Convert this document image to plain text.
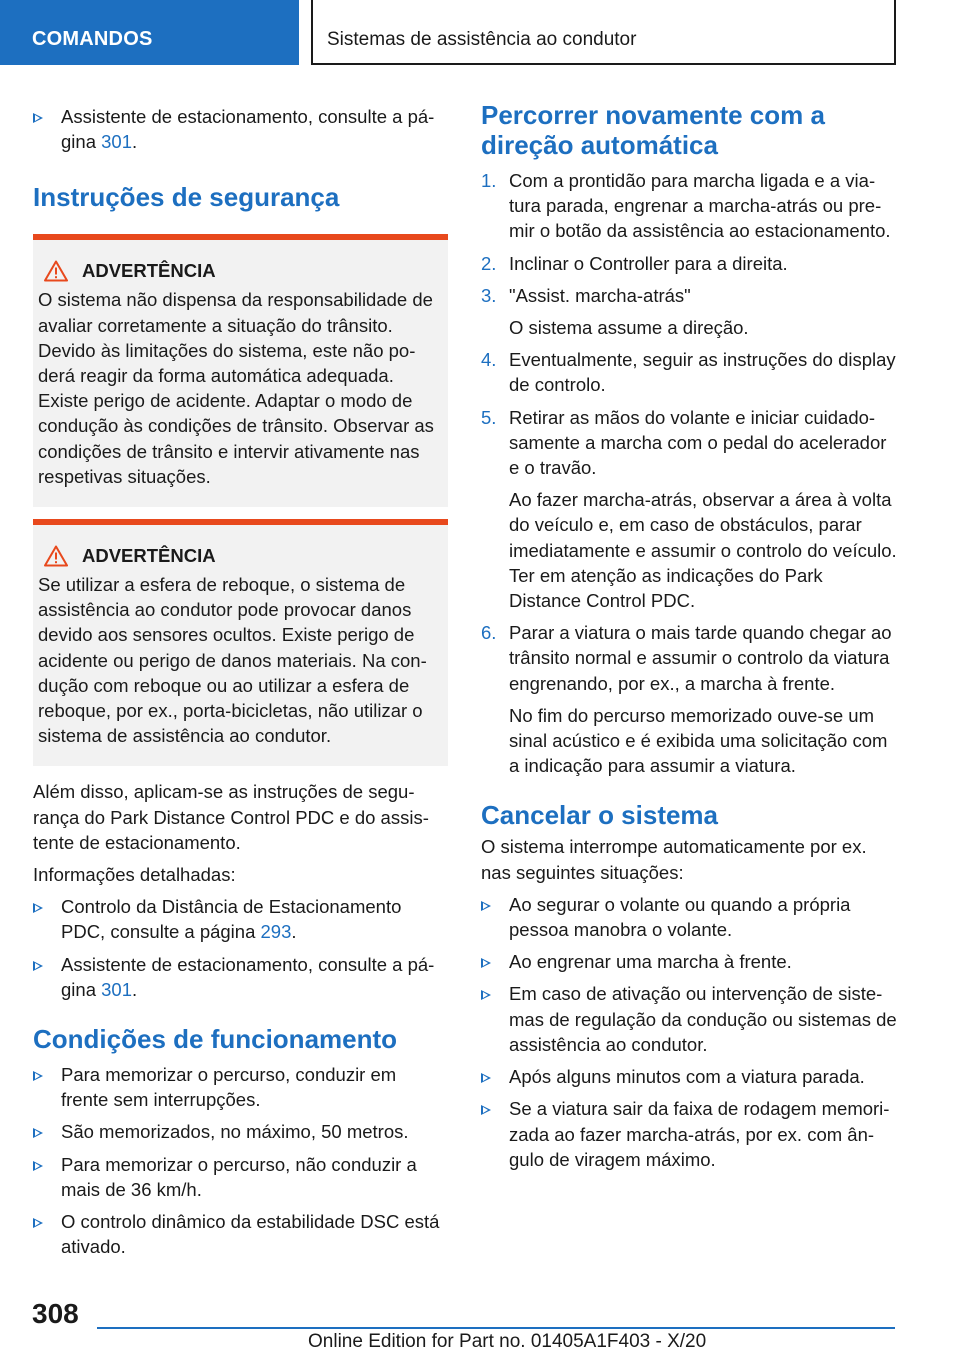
COMANDOS	Sistemas de assistência ao condutor
Assistente de estacionamento, consulte a página 301.
Instruções de segurança
ADVERTÊNCIA
O sistema não dispensa da responsabilidade de avaliar corretamente a situação do trânsito. Devido às limitações do sistema, este não poderá reagir da forma automática adequada. Existe perigo de acidente. Adaptar o modo de condução às condições de trânsito. Observar as condições de trânsito e intervir ativamente nas respetivas situações.
ADVERTÊNCIA
Se utilizar a esfera de reboque, o sistema de assistência ao condutor pode provocar danos devido aos sensores ocultos. Existe perigo de acidente ou perigo de danos materiais. Na condução com reboque ou ao utilizar a esfera de reboque, por ex., porta-bicicletas, não utilizar o sistema de assistência ao condutor.
Além disso, aplicam-se as instruções de segurança do Park Distance Control PDC e do assistente de estacionamento.
Informações detalhadas:
Controlo da Distância de Estacionamento PDC, consulte a página 293.
Assistente de estacionamento, consulte a página 301.
Condições de funcionamento
Para memorizar o percurso, conduzir em frente sem interrupções.
São memorizados, no máximo, 50 metros.
Para memorizar o percurso, não conduzir a mais de 36 km/h.
O controlo dinâmico da estabilidade DSC está ativado.
Percorrer novamente com a direção automática
1. Com a prontidão para marcha ligada e a viatura parada, engrenar a marcha-atrás ou premir o botão da assistência ao estacionamento.
2. Inclinar o Controller para a direita.
3. "Assist. marcha-atrás"
O sistema assume a direção.
4. Eventualmente, seguir as instruções do display de controlo.
5. Retirar as mãos do volante e iniciar cuidadosamente a marcha com o pedal do acelerador e o travão.
Ao fazer marcha-atrás, observar a área à volta do veículo e, em caso de obstáculos, parar imediatamente e assumir o controlo do veículo. Ter em atenção as indicações do Park Distance Control PDC.
6. Parar a viatura o mais tarde quando chegar ao trânsito normal e assumir o controlo da viatura engrenando, por ex., a marcha à frente.
No fim do percurso memorizado ouve-se um sinal acústico e é exibida uma solicitação com a indicação para assumir a viatura.
Cancelar o sistema
O sistema interrompe automaticamente por ex. nas seguintes situações:
Ao segurar o volante ou quando a própria pessoa manobra o volante.
Ao engrenar uma marcha à frente.
Em caso de ativação ou intervenção de sistemas de regulação da condução ou sistemas de assistência ao condutor.
Após alguns minutos com a viatura parada.
Se a viatura sair da faixa de rodagem memorizada ao fazer marcha-atrás, por ex. com ângulo de viragem máximo.
308
Online Edition for Part no. 01405A1F403 - X/20
